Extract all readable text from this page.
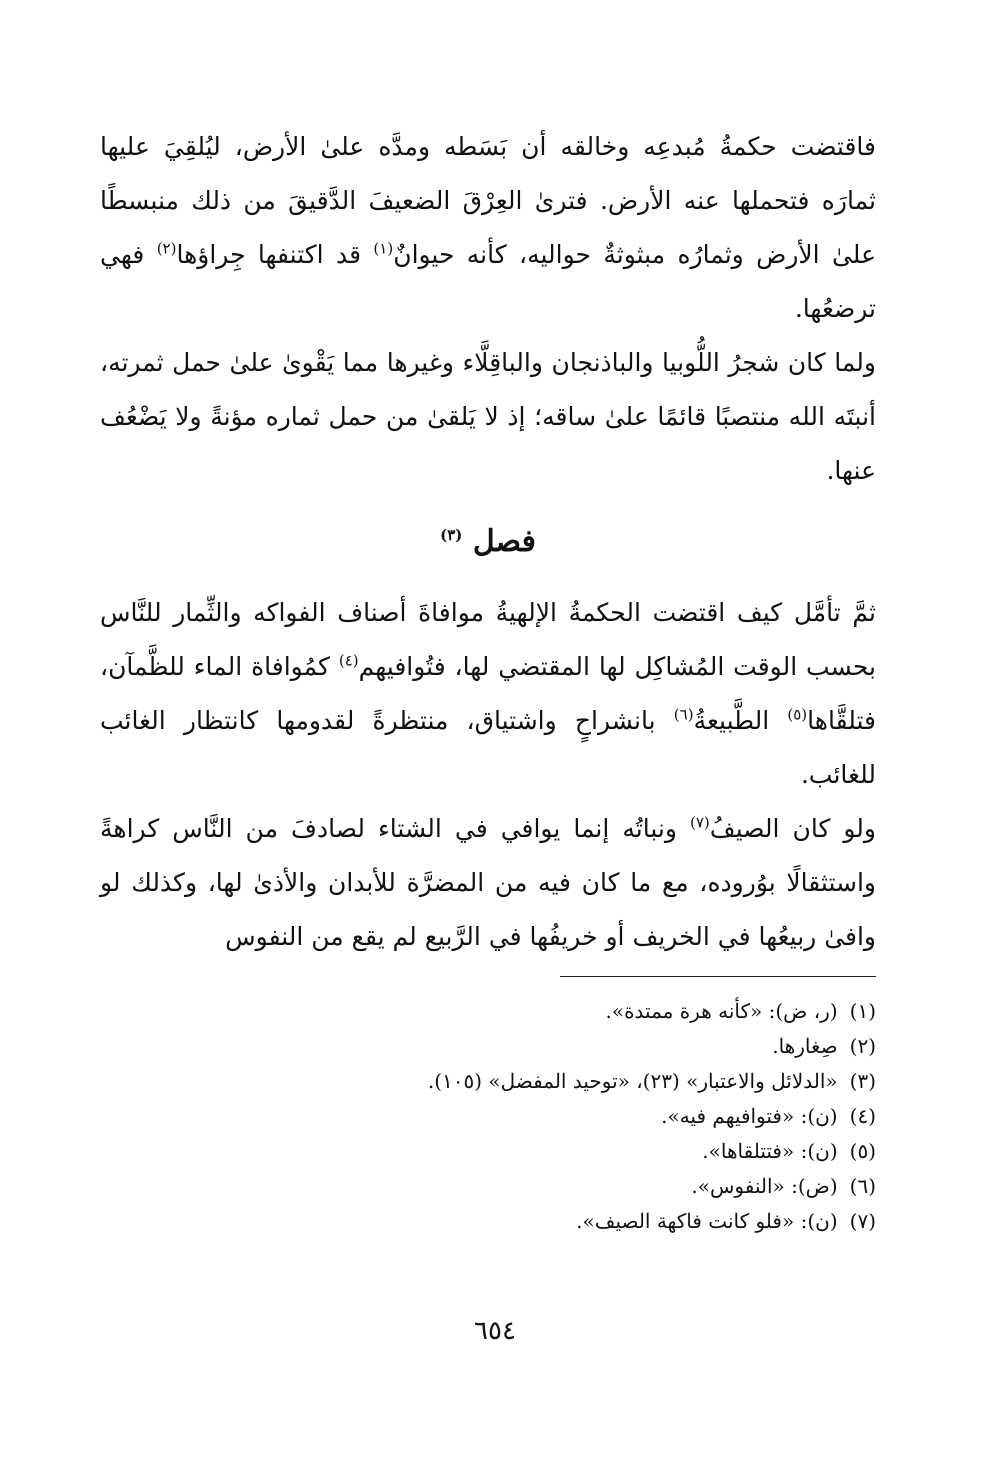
فاقتضت حكمةُ مُبدعِه وخالقه أن بَسَطه ومدَّه علىٰ الأرض، ليُلقِيَ عليها ثمارَه فتحملها عنه الأرض. فترىٰ العِرْقَ الضعيفَ الدَّقيقَ من ذلك منبسطًا علىٰ الأرض وثمارُه مبثوثةٌ حواليه، كأنه حيوانٌ$^{(١)}$ قد اكتنفها جِراؤها$^{(٢)}$ فهي ترضعُها.

ولما كان شجرُ اللُّوبيا والباذنجان والباقِلَّاء وغيرها مما يَقْوىٰ علىٰ حمل ثمرته، أنبتَه الله منتصبًا قائمًا علىٰ ساقه؛ إذ لا يَلقىٰ من حمل ثماره مؤنةً ولا يَضْعُف عنها.

فصل $^{(٣)}$

ثمَّ تأمَّل كيف اقتضت الحكمةُ الإلهيةُ موافاةَ أصناف الفواكه والثِّمار للنَّاس بحسب الوقت المُشاكِل لها المقتضي لها، فتُوافيهم$^{(٤)}$ كمُوافاة الماء للظَّمآن، فتلقَّاها$^{(٥)}$ الطَّبيعةُ$^{(٦)}$ بانشراحٍ واشتياق، منتظرةً لقدومها كانتظار الغائب للغائب.

ولو كان الصيفُ$^{(٧)}$ ونباتُه إنما يوافي في الشتاء لصادفَ من النَّاس كراهةً واستثقالًا بوُروده، مع ما كان فيه من المضرَّة للأبدان والأذىٰ لها، وكذلك لو وافىٰ ربيعُها في الخريف أو خريفُها في الرَّبيع لم يقع من النفوس

(١)(ر، ض): «كأنه هرة ممتدة».
(٢)صِغارها.
(٣)«الدلائل والاعتبار» (٢٣)، «توحيد المفضل» (١٠٥).
(٤)(ن): «فتوافيهم فيه».
(٥)(ن): «فتتلقاها».
(٦)(ض): «النفوس».
(٧)(ن): «فلو كانت فاكهة الصيف».
٦٥٤
